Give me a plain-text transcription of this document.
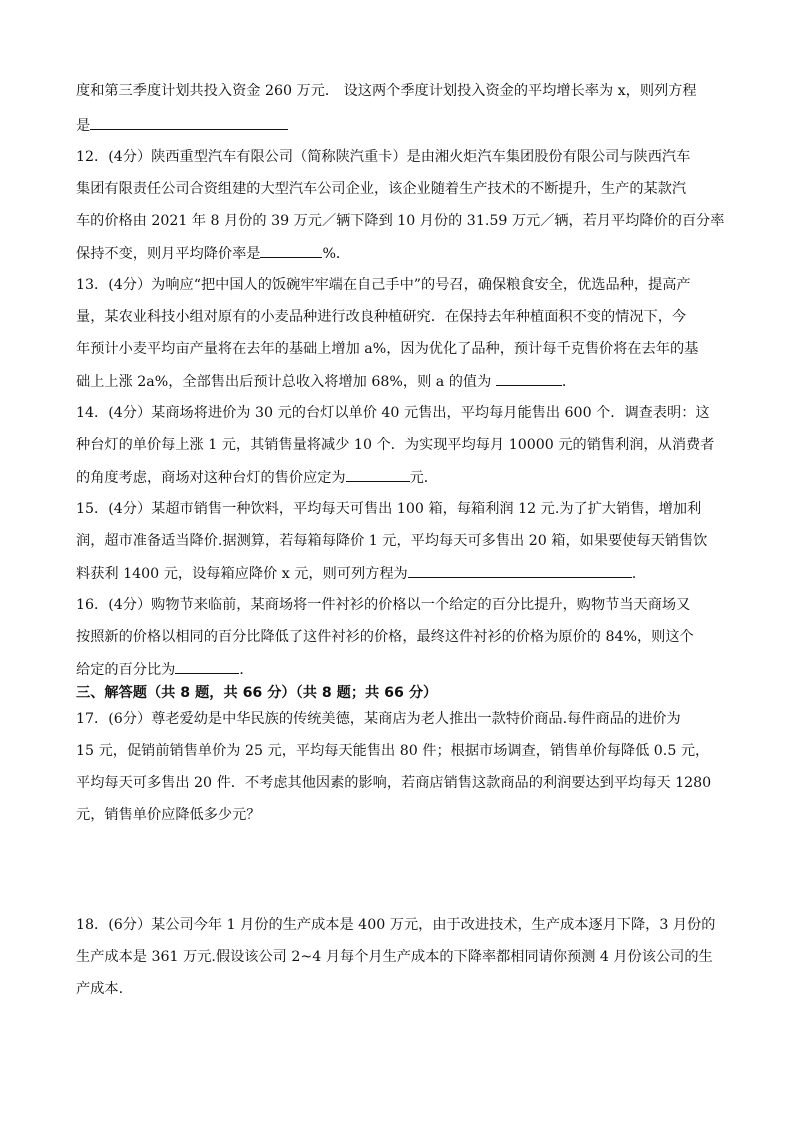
度和第三季度计划共投入资金 260 万元． 设这两个季度计划投入资金的平均增长率为 x，则列方程
是
12．(4分）陕西重型汽车有限公司（简称陕汽重卡）是由湘火炬汽车集团股份有限公司与陕西汽车
集团有限责任公司合资组建的大型汽车公司企业，该企业随着生产技术的不断提升，生产的某款汽
车的价格由 2021 年 8 月份的 39 万元／辆下降到 10 月份的 31.59 万元／辆，若月平均降价的百分率
保持不变，则月平均降价率是	%．
13．(4分）为响应“把中国人的饭碗牢牢端在自己手中”的号召，确保粮食安全，优选品种，提高产
量，某农业科技小组对原有的小麦品种进行改良种植研究．在保持去年种植面积不变的情况下，今
年预计小麦平均亩产量将在去年的基础上增加 a%，因为优化了品种，预计每千克售价将在去年的基
础上上涨 2a%，全部售出后预计总收入将增加 68%，则 a 的值为	．
14．(4分）某商场将进价为 30 元的台灯以单价 40 元售出，平均每月能售出 600 个．调查表明：这
种台灯的单价每上涨 1 元，其销售量将减少 10 个．为实现平均每月 10000 元的销售利润，从消费者
的角度考虑，商场对这种台灯的售价应定为	元．
15．(4分）某超市销售一种饮料，平均每天可售出 100 箱，每箱利润 12 元.为了扩大销售，增加利
润，超市准备适当降价.据测算，若每箱每降价 1 元，平均每天可多售出 20 箱，如果要使每天销售饮
料获利 1400 元，设每箱应降价 x 元，则可列方程为	.
16．(4分）购物节来临前，某商场将一件衬衫的价格以一个给定的百分比提升，购物节当天商场又
按照新的价格以相同的百分比降低了这件衬衫的价格，最终这件衬衫的价格为原价的 84%，则这个
给定的百分比为	．
三、解答题（共 8 题，共 66 分）（共 8 题；共 66 分）
17．(6分）尊老爱幼是中华民族的传统美德，某商店为老人推出一款特价商品.每件商品的进价为
15 元，促销前销售单价为 25 元，平均每天能售出 80 件；根据市场调查，销售单价每降低 0.5 元，
平均每天可多售出 20 件．不考虑其他因素的影响，若商店销售这款商品的利润要达到平均每天 1280
元，销售单价应降低多少元？
18．(6分）某公司今年 1 月份的生产成本是 400 万元，由于改进技术，生产成本逐月下降，3 月份的
生产成本是 361 万元.假设该公司 2~4 月每个月生产成本的下降率都相同请你预测 4 月份该公司的生
产成本.
